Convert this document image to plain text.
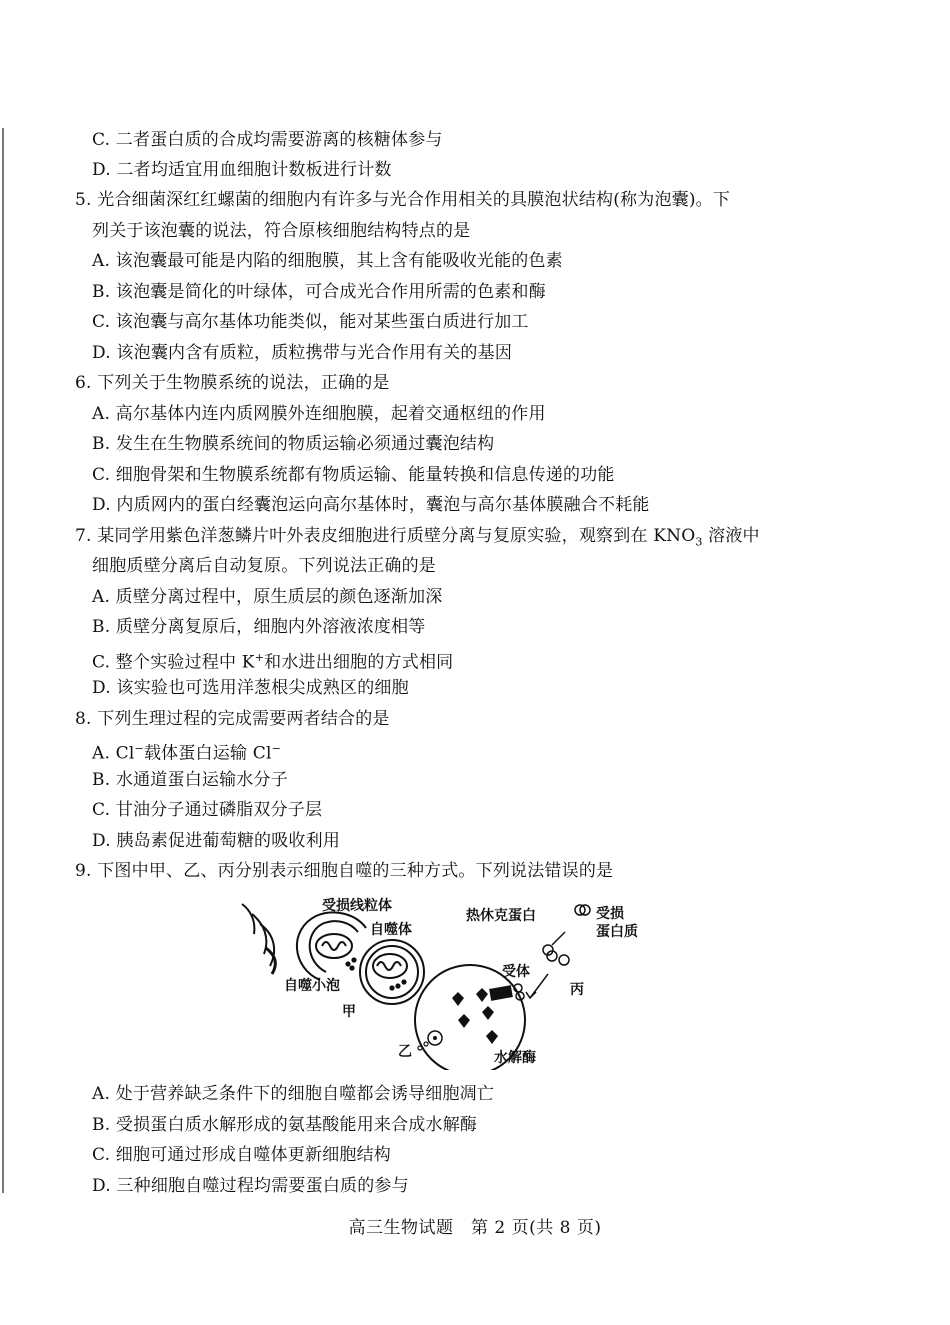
C. 二者蛋白质的合成均需要游离的核糖体参与
D. 二者均适宜用血细胞计数板进行计数
5. 光合细菌深红红螺菌的细胞内有许多与光合作用相关的具膜泡状结构(称为泡囊)。下
列关于该泡囊的说法，符合原核细胞结构特点的是
A. 该泡囊最可能是内陷的细胞膜，其上含有能吸收光能的色素
B. 该泡囊是简化的叶绿体，可合成光合作用所需的色素和酶
C. 该泡囊与高尔基体功能类似，能对某些蛋白质进行加工
D. 该泡囊内含有质粒，质粒携带与光合作用有关的基因
6. 下列关于生物膜系统的说法，正确的是
A. 高尔基体内连内质网膜外连细胞膜，起着交通枢纽的作用
B. 发生在生物膜系统间的物质运输必须通过囊泡结构
C. 细胞骨架和生物膜系统都有物质运输、能量转换和信息传递的功能
D. 内质网内的蛋白经囊泡运向高尔基体时，囊泡与高尔基体膜融合不耗能
7. 某同学用紫色洋葱鳞片叶外表皮细胞进行质壁分离与复原实验，观察到在 $KNO_3$ 溶液中
细胞质壁分离后自动复原。下列说法正确的是
A. 质壁分离过程中，原生质层的颜色逐渐加深
B. 质壁分离复原后，细胞内外溶液浓度相等
C. 整个实验过程中 K+和水进出细胞的方式相同
D. 该实验也可选用洋葱根尖成熟区的细胞
8. 下列生理过程的完成需要两者结合的是
A. Cl−载体蛋白运输 Cl−
B. 水通道蛋白运输水分子
C. 甘油分子通过磷脂双分子层
D. 胰岛素促进葡萄糖的吸收利用
9. 下图中甲、乙、丙分别表示细胞自噬的三种方式。下列说法错误的是
受损线粒体
自噬体
自噬小泡
甲
热休克蛋白	受损
蛋白质
受体
丙
乙	水解酶
A. 处于营养缺乏条件下的细胞自噬都会诱导细胞凋亡
B. 受损蛋白质水解形成的氨基酸能用来合成水解酶
C. 细胞可通过形成自噬体更新细胞结构
D. 三种细胞自噬过程均需要蛋白质的参与
高三生物试题　第 2 页(共 8 页)
